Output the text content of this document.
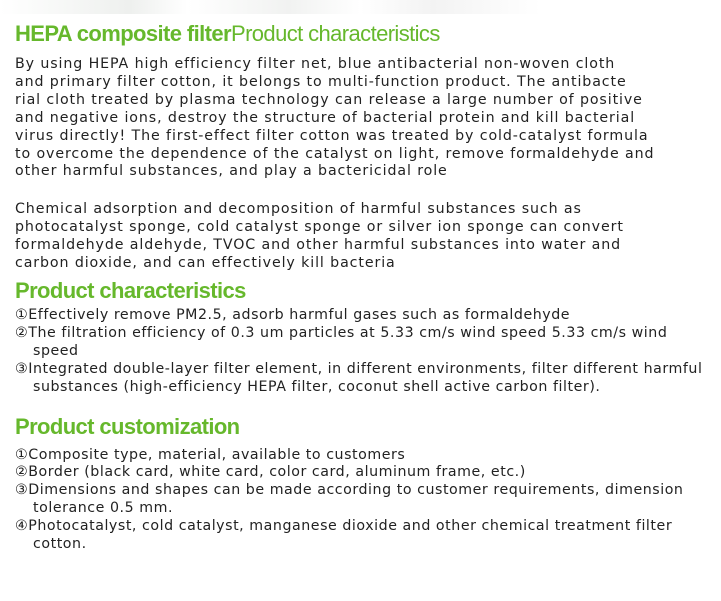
HEPA composite filterProduct characteristics

By using HEPA high efficiency filter net, blue antibacterial non-woven cloth
and primary filter cotton, it belongs to multi-function product. The antibacte
rial cloth treated by plasma technology can release a large number of positive
and negative ions, destroy the structure of bacterial protein and kill bacterial
virus directly! The first-effect filter cotton was treated by cold-catalyst formula
to overcome the dependence of the catalyst on light, remove formaldehyde and
other harmful substances, and play a bactericidal role

Chemical adsorption and decomposition of harmful substances such as
photocatalyst sponge, cold catalyst sponge or silver ion sponge can convert
formaldehyde aldehyde, TVOC and other harmful substances into water and
carbon dioxide, and can effectively kill bacteria

Product characteristics
①Effectively remove PM2.5, adsorb harmful gases such as formaldehyde
②The filtration efficiency of 0.3 um particles at 5.33 cm/s wind speed 5.33 cm/s wind speed
③Integrated double-layer filter element, in different environments, filter different harmful substances (high-efficiency HEPA filter, coconut shell active carbon filter).
Product customization
①Composite type, material, available to customers
②Border (black card, white card, color card, aluminum frame, etc.)
③Dimensions and shapes can be made according to customer requirements, dimension tolerance 0.5 mm.
④Photocatalyst, cold catalyst, manganese dioxide and other chemical treatment filter cotton.
